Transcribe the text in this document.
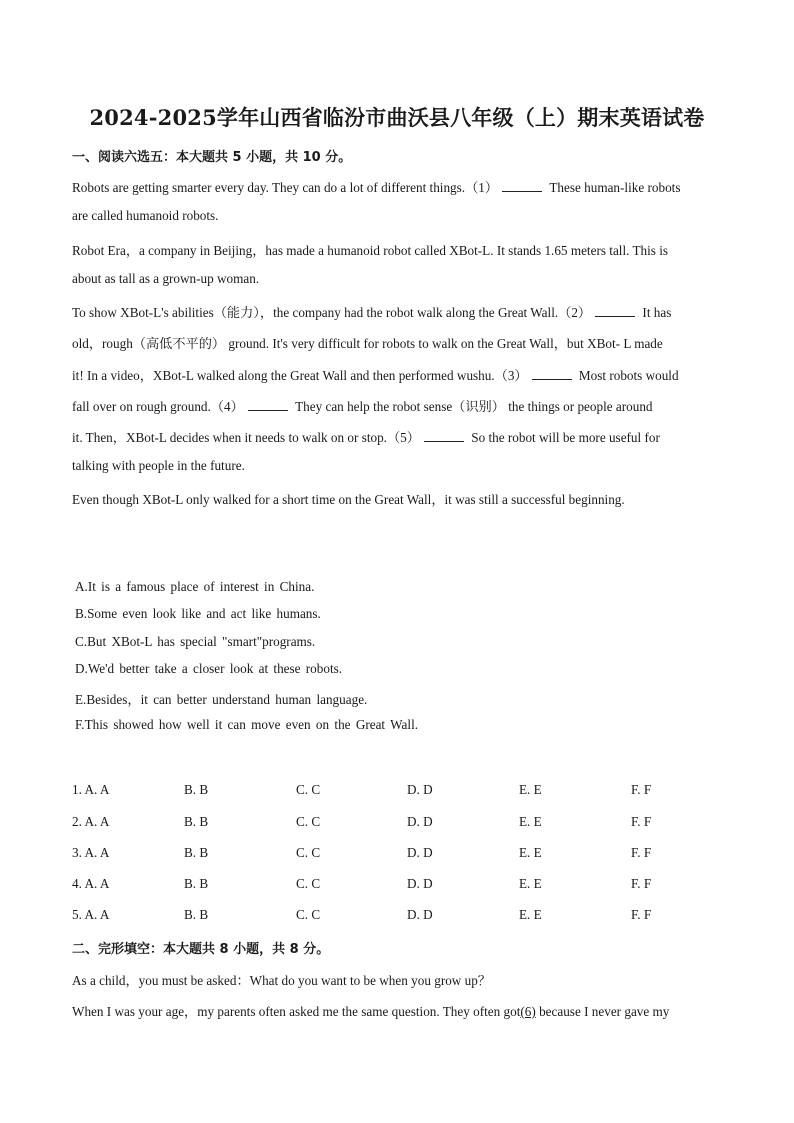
2024-2025学年山西省临汾市曲沃县八年级（上）期末英语试卷
一、阅读六选五：本大题共 5 小题，共 10 分。
Robots are getting smarter every day. They can do a lot of different things.（1）	These human-like robots
are called humanoid robots.
Robot Era，a company in Beijing，has made a humanoid robot called XBot-L. It stands 1.65 meters tall. This is
about as tall as a grown-up woman.
To show XBot-L's abilities（能力），the company had the robot walk along the Great Wall.（2）	It has
old，rough（高低不平的） ground. It's very difficult for robots to walk on the Great Wall，but XBot- L made
it! In a video，XBot-L walked along the Great Wall and then performed wushu.（3）	Most robots would
fall over on rough ground.（4）	They can help the robot sense（识别） the things or people around
it. Then，XBot-L decides when it needs to walk on or stop.（5）	So the robot will be more useful for
talking with people in the future.
Even though XBot-L only walked for a short time on the Great Wall，it was still a successful beginning.
A.It is a famous place of interest in China.
B.Some even look like and act like humans.
C.But XBot-L has special "smart"programs.
D.We'd better take a closer look at these robots.
E.Besides，it can better understand human language.
F.This showed how well it can move even on the Great Wall.
1. A. A	B. B	C. C	D. D	E. E	F. F
2. A. A	B. B	C. C	D. D	E. E	F. F
3. A. A	B. B	C. C	D. D	E. E	F. F
4. A. A	B. B	C. C	D. D	E. E	F. F
5. A. A	B. B	C. C	D. D	E. E	F. F
二、完形填空：本大题共 8 小题，共 8 分。
As a child，you must be asked：What do you want to be when you grow up？
When I was your age，my parents often asked me the same question. They often got(6) because I never gave my
